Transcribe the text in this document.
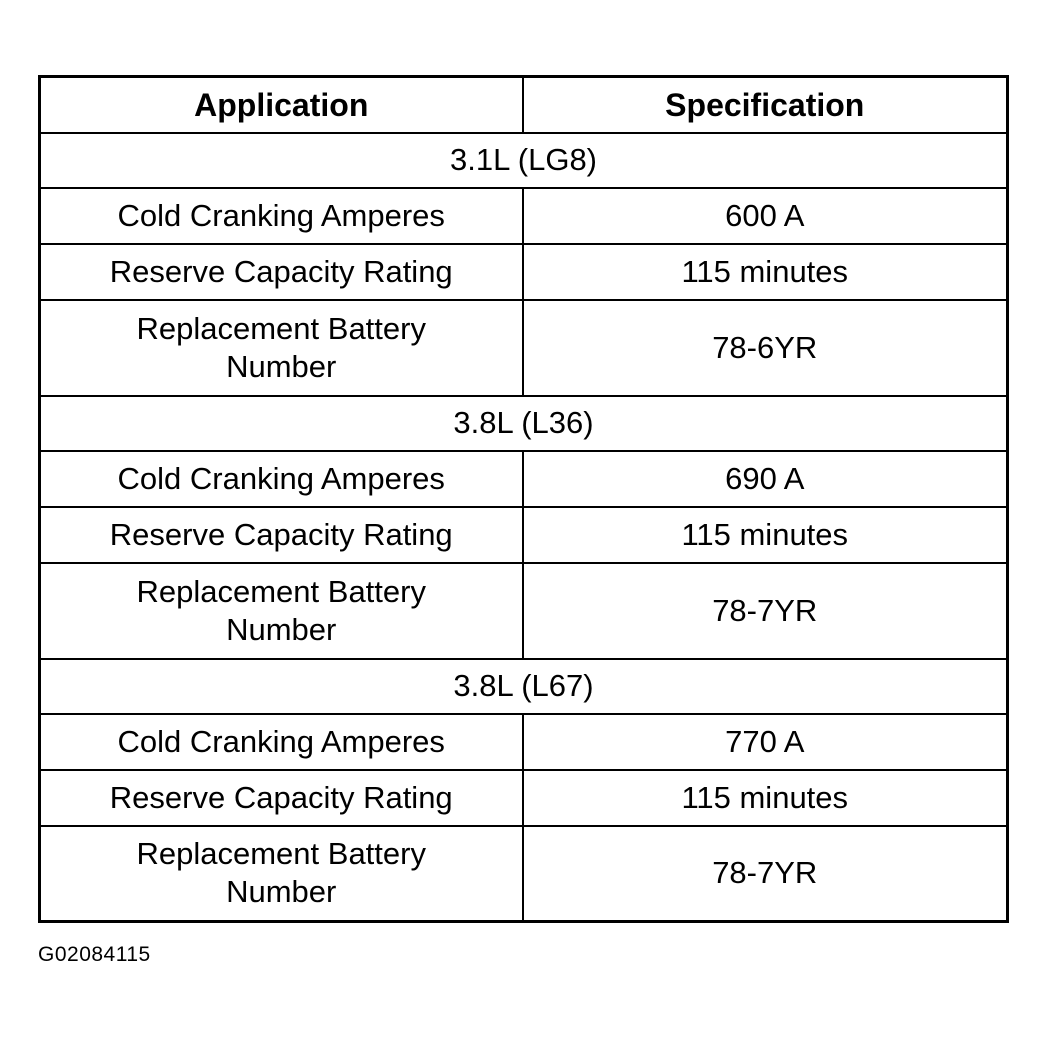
Application	Specification
3.1L (LG8)	
Cold Cranking Amperes	600 A
Reserve Capacity Rating	115 minutes
Replacement Battery
Number	78-6YR
3.8L (L36)	
Cold Cranking Amperes	690 A
Reserve Capacity Rating	115 minutes
Replacement Battery
Number	78-7YR
3.8L (L67)	
Cold Cranking Amperes	770 A
Reserve Capacity Rating	115 minutes
Replacement Battery
Number	78-7YR
G02084115
